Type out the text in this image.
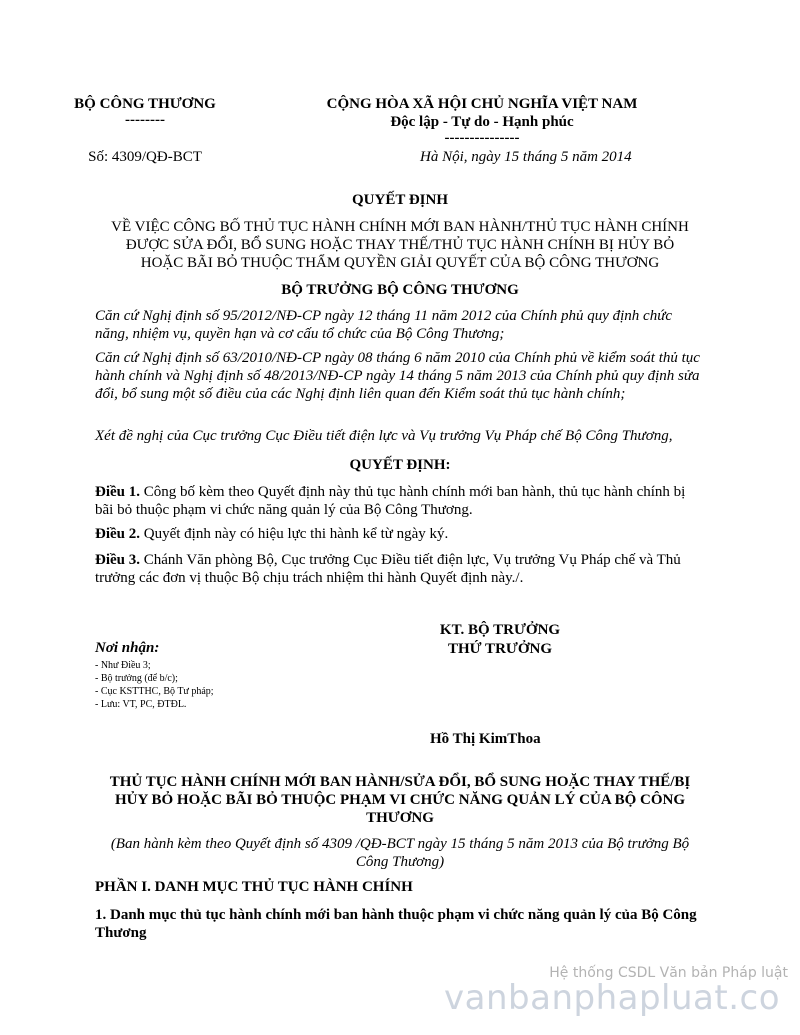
BỘ CÔNG THƯƠNG
--------
CỘNG HÒA XÃ HỘI CHỦ NGHĨA VIỆT NAM
Độc lập - Tự do - Hạnh phúc
---------------
Số: 4309/QĐ-BCT	Hà Nội, ngày 15 tháng 5 năm 2014
QUYẾT ĐỊNH
VỀ VIỆC CÔNG BỐ THỦ TỤC HÀNH CHÍNH MỚI BAN HÀNH/THỦ TỤC HÀNH CHÍNH
ĐƯỢC SỬA ĐỔI, BỔ SUNG HOẶC THAY THẾ/THỦ TỤC HÀNH CHÍNH BỊ HỦY BỎ
HOẶC BÃI BỎ THUỘC THẨM QUYỀN GIẢI QUYẾT CỦA BỘ CÔNG THƯƠNG
BỘ TRƯỞNG BỘ CÔNG THƯƠNG
Căn cứ Nghị định số 95/2012/NĐ-CP ngày 12 tháng 11 năm 2012 của Chính phủ quy định chức năng, nhiệm vụ, quyền hạn và cơ cấu tổ chức của Bộ Công Thương;
Căn cứ Nghị định số 63/2010/NĐ-CP ngày 08 tháng 6 năm 2010 của Chính phủ về kiểm soát thủ tục hành chính và Nghị định số 48/2013/NĐ-CP ngày 14 tháng 5 năm 2013 của Chính phủ quy định sửa đổi, bổ sung một số điều của các Nghị định liên quan đến Kiểm soát thủ tục hành chính;
Xét đề nghị của Cục trưởng Cục Điều tiết điện lực và Vụ trưởng Vụ Pháp chế Bộ Công Thương,
QUYẾT ĐỊNH:
Điều 1. Công bố kèm theo Quyết định này thủ tục hành chính mới ban hành, thủ tục hành chính bị bãi bỏ thuộc phạm vi chức năng quản lý của Bộ Công Thương.
Điều 2. Quyết định này có hiệu lực thi hành kể từ ngày ký.
Điều 3. Chánh Văn phòng Bộ, Cục trưởng Cục Điều tiết điện lực, Vụ trưởng Vụ Pháp chế và Thủ trưởng các đơn vị thuộc Bộ chịu trách nhiệm thi hành Quyết định này./.
KT. BỘ TRƯỞNG
THỨ TRƯỞNG
Hồ Thị KimThoa
Nơi nhận:
- Như Điều 3;
- Bộ trưởng (để b/c);
- Cục KSTTHC, Bộ Tư pháp;
- Lưu: VT, PC, ĐTĐL.
THỦ TỤC HÀNH CHÍNH MỚI BAN HÀNH/SỬA ĐỔI, BỔ SUNG HOẶC THAY THẾ/BỊ
HỦY BỎ HOẶC BÃI BỎ THUỘC PHẠM VI CHỨC NĂNG QUẢN LÝ CỦA BỘ CÔNG
THƯƠNG
(Ban hành kèm theo Quyết định số 4309 /QĐ-BCT ngày 15 tháng 5 năm 2013 của Bộ trưởng Bộ
Công Thương)
PHẦN I. DANH MỤC THỦ TỤC HÀNH CHÍNH
1. Danh mục thủ tục hành chính mới ban hành thuộc phạm vi chức năng quản lý của Bộ Công Thương
Hệ thống CSDL Văn bản Pháp luật
vanbanphapluat.co
